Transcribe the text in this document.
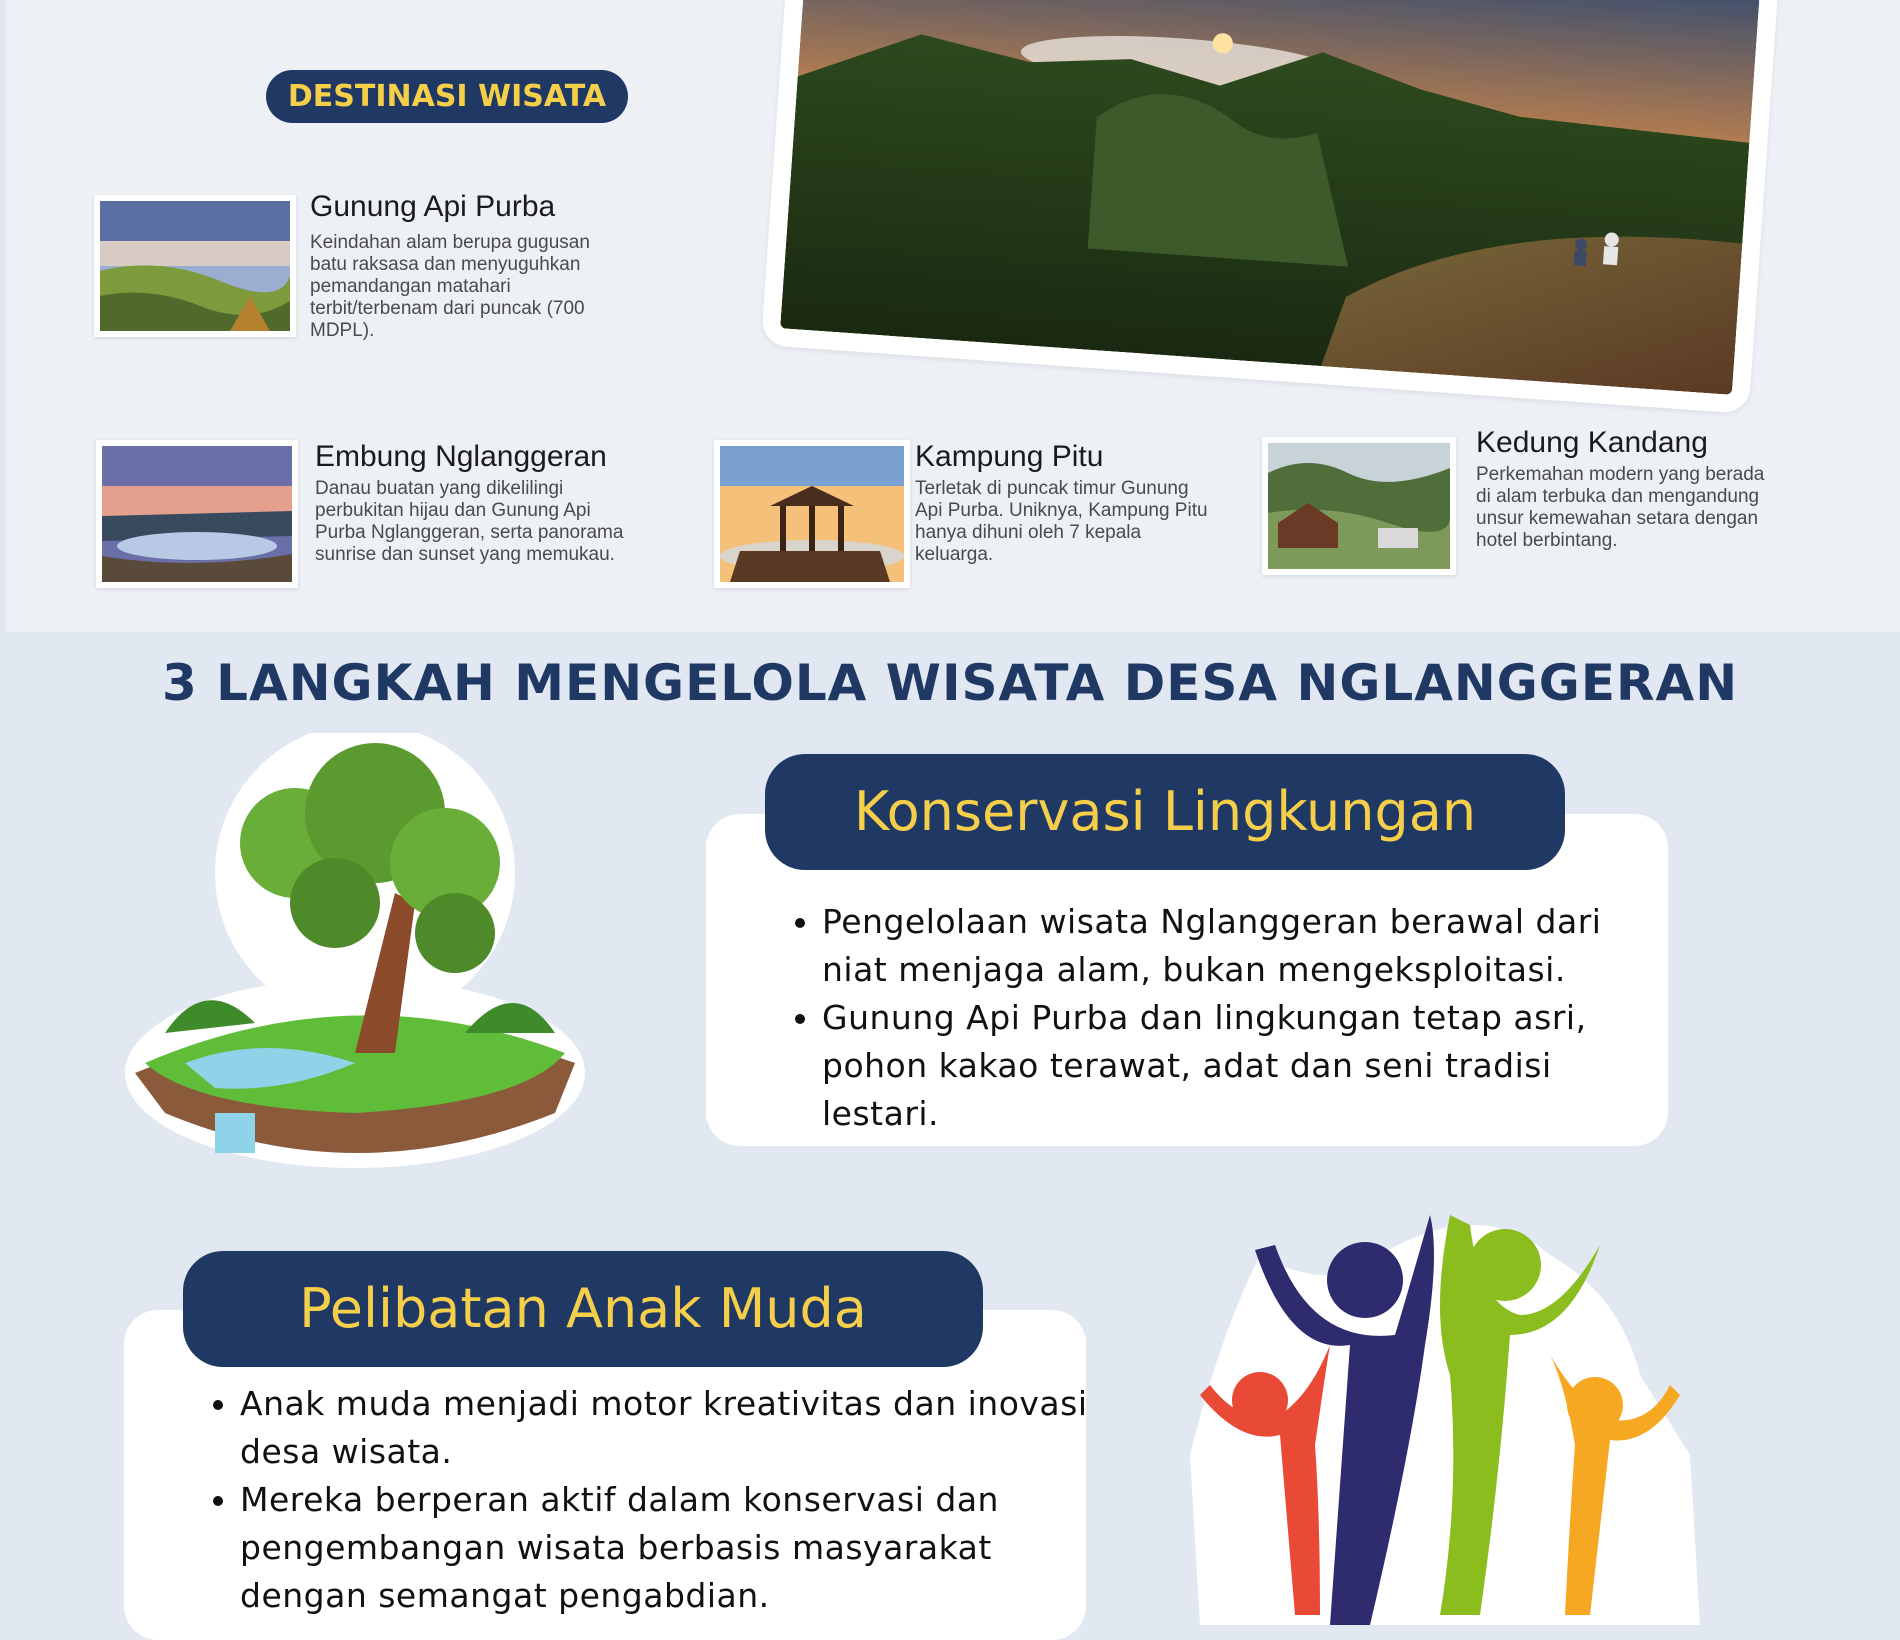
DESTINASI WISATA
Gunung Api Purba
Keindahan alam berupa gugusan batu raksasa dan menyuguhkan pemandangan matahari terbit/terbenam dari puncak (700 MDPL).
Embung Nglanggeran
Danau buatan yang dikelilingi perbukitan hijau dan Gunung Api Purba Nglanggeran, serta panorama sunrise dan sunset yang memukau.
Kampung Pitu
Terletak di puncak timur Gunung Api Purba. Uniknya, Kampung Pitu hanya dihuni oleh 7 kepala keluarga.
Kedung Kandang
Perkemahan modern yang berada di alam terbuka dan mengandung unsur kemewahan setara dengan hotel berbintang.
3 LANGKAH MENGELOLA WISATA DESA NGLANGGERAN
Konservasi Lingkungan
• Pengelolaan wisata Nglanggeran berawal dari niat menjaga alam, bukan mengeksploitasi.
• Gunung Api Purba dan lingkungan tetap asri, pohon kakao terawat, adat dan seni tradisi lestari.
Pelibatan Anak Muda
• Anak muda menjadi motor kreativitas dan inovasi desa wisata.
• Mereka berperan aktif dalam konservasi dan pengembangan wisata berbasis masyarakat dengan semangat pengabdian.
